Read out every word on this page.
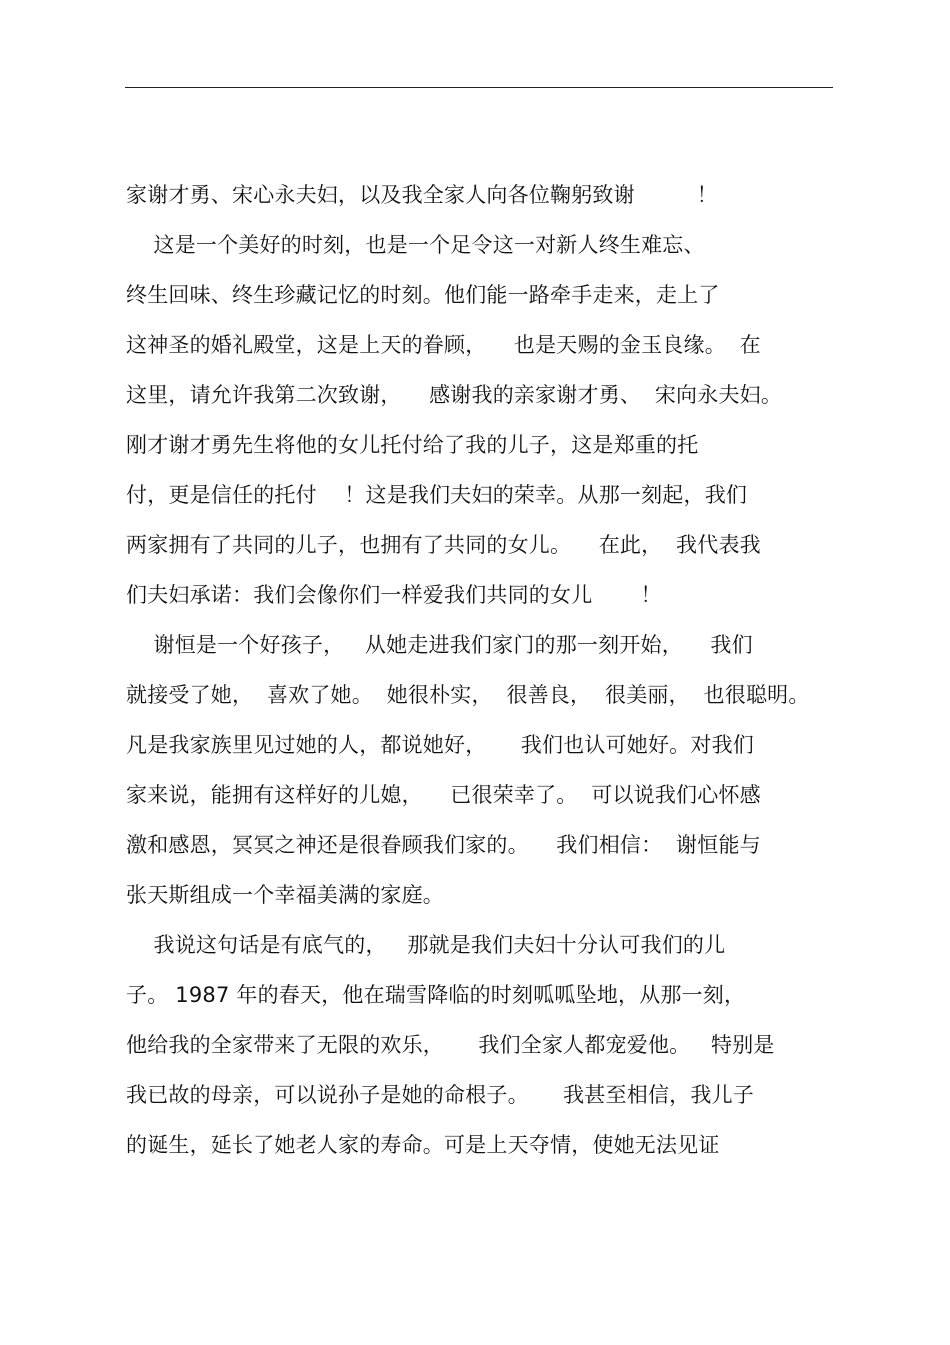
家谢才勇、宋心永夫妇，以及我全家人向各位鞠躬致谢         ！
这是一个美好的时刻，也是一个足令这一对新人终生难忘、
终生回味、终生珍藏记忆的时刻。他们能一路牵手走来，走上了
这神圣的婚礼殿堂，这是上天的眷顾，    也是天赐的金玉良缘。  在
这里，请允许我第二次致谢，    感谢我的亲家谢才勇、  宋向永夫妇。
刚才谢才勇先生将他的女儿托付给了我的儿子，这是郑重的托
付，更是信任的托付    ！这是我们夫妇的荣幸。从那一刻起，我们
两家拥有了共同的儿子，也拥有了共同的女儿。    在此，  我代表我
们夫妇承诺：我们会像你们一样爱我们共同的女儿       ！
谢恒是一个好孩子，   从她走进我们家门的那一刻开始，    我们
就接受了她，  喜欢了她。  她很朴实，  很善良，  很美丽，  也很聪明。
凡是我家族里见过她的人，都说她好，     我们也认可她好。对我们
家来说，能拥有这样好的儿媳，    已很荣幸了。  可以说我们心怀感
激和感恩，冥冥之神还是很眷顾我们家的。    我们相信：  谢恒能与
张天斯组成一个幸福美满的家庭。
我说这句话是有底气的，   那就是我们夫妇十分认可我们的儿
子。 1987 年的春天，他在瑞雪降临的时刻呱呱坠地，从那一刻，
他给我的全家带来了无限的欢乐，     我们全家人都宠爱他。   特别是
我已故的母亲，可以说孙子是她的命根子。     我甚至相信，我儿子
的诞生，延长了她老人家的寿命。可是上天夺情，使她无法见证
